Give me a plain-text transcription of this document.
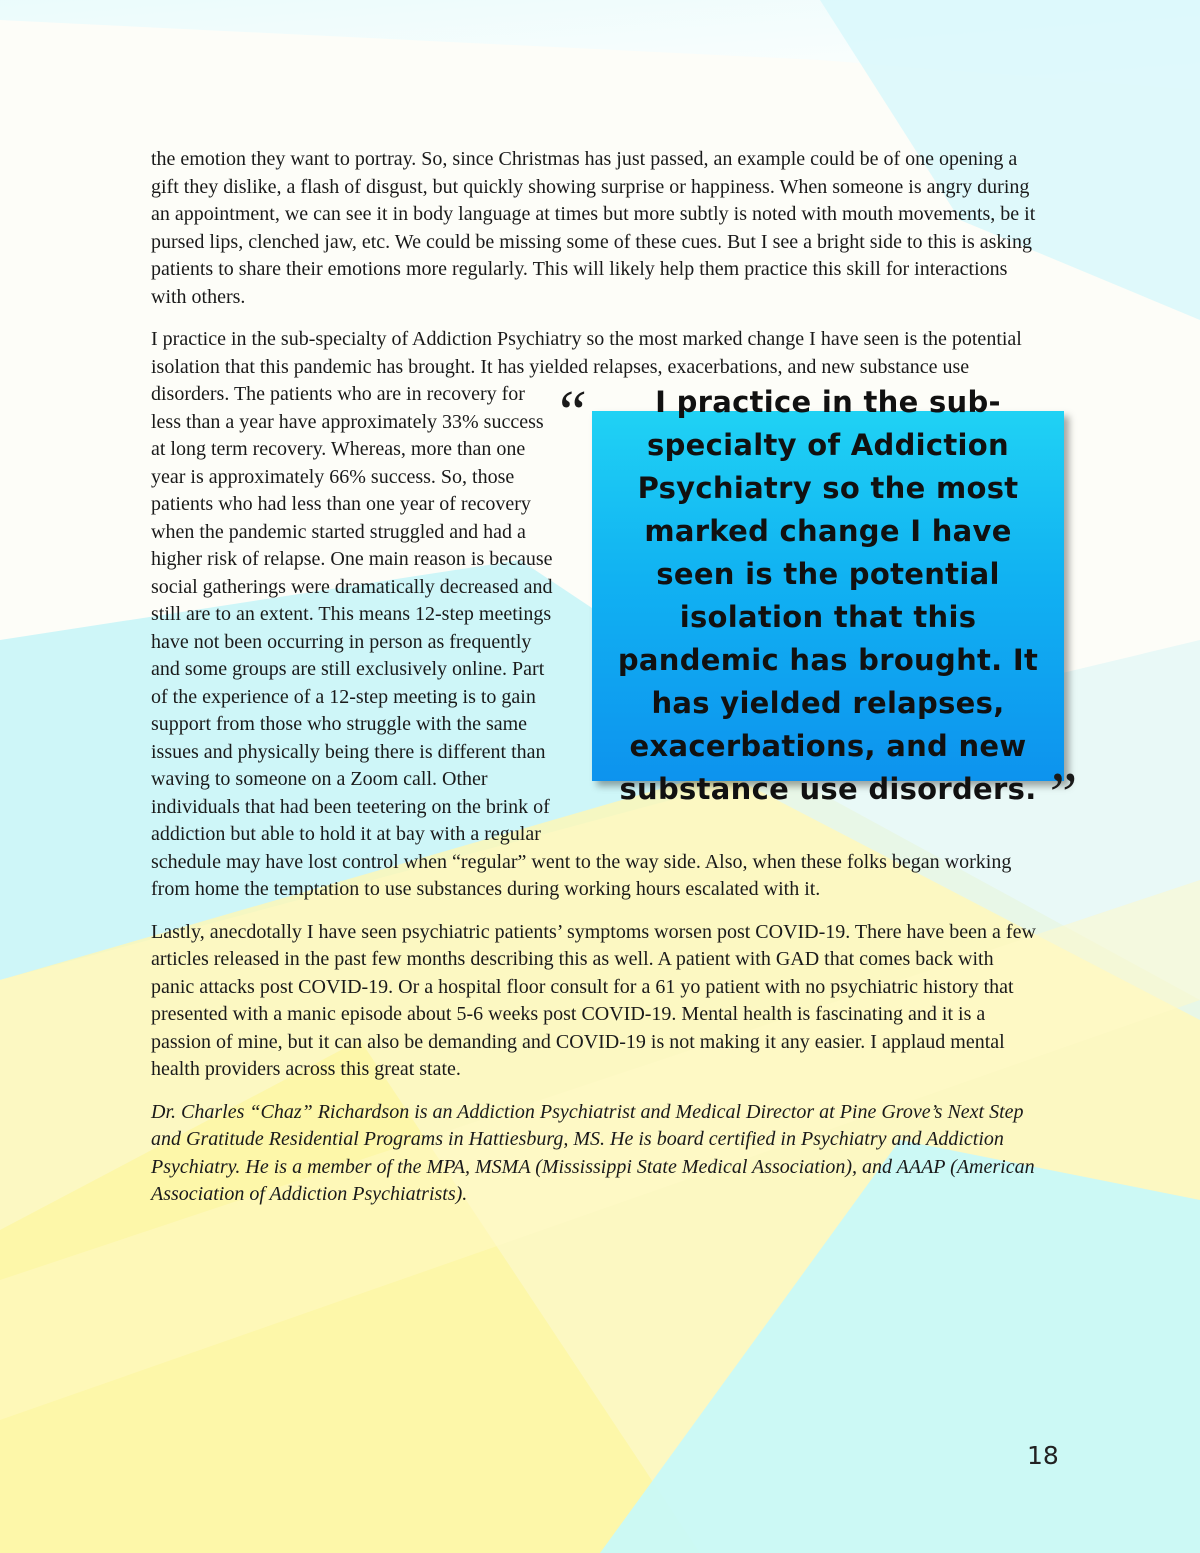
the emotion they want to portray. So, since Christmas has just passed, an example could be of one opening a gift they dislike, a flash of disgust, but quickly showing surprise or happiness. When someone is angry during an appointment, we can see it in body language at times but more subtly is noted with mouth movements, be it pursed lips, clenched jaw, etc. We could be missing some of these cues. But I see a bright side to this is asking patients to share their emotions more regularly. This will likely help them practice this skill for interactions with others.

I practice in the sub-specialty of Addiction Psychiatry so the most marked change I have seen is the potential isolation that this pandemic has brought. It has yielded relapses, exacerbations, and new substance use disorders. The patients who are “	I practice in the sub-specialty of Addiction Psychiatry so the most marked change I have seen is the potential isolation that this pandemic has brought. It has yielded relapses, exacerbations, and new substance use disorders. ”
in recovery for less than a year have approximately 33% success at long term recovery. Whereas, more than one year is approximately 66% success. So, those patients who had less than one year of recovery when the pandemic started struggled and had a higher risk of relapse. One main reason is because social gatherings were dramatically decreased and still are to an extent. This means 12-step meetings have not been occurring in person as frequently and some groups are still exclusively online. Part of the experience of a 12-step meeting is to gain support from those who struggle with the same issues and physically being there is different than waving to someone on a Zoom call. Other individuals that had been teetering on the brink of addiction but able to hold it at bay with a regular schedule may have lost control when “regular” went to the way side. Also, when these folks began working from home the temptation to use substances during working hours escalated with it.

Lastly, anecdotally I have seen psychiatric patients’ symptoms worsen post COVID-19. There have been a few articles released in the past few months describing this as well. A patient with GAD that comes back with panic attacks post COVID-19. Or a hospital floor consult for a 61 yo patient with no psychiatric history that presented with a manic episode about 5-6 weeks post COVID-19. Mental health is fascinating and it is a passion of mine, but it can also be demanding and COVID-19 is not making it any easier. I applaud mental health providers across this great state.

Dr. Charles “Chaz” Richardson is an Addiction Psychiatrist and Medical Director at Pine Grove’s Next Step and Gratitude Residential Programs in Hattiesburg, MS. He is board certified in Psychiatry and Addiction Psychiatry. He is a member of the MPA, MSMA (Mississippi State Medical Association), and AAAP (American Association of Addiction Psychiatrists).

18
